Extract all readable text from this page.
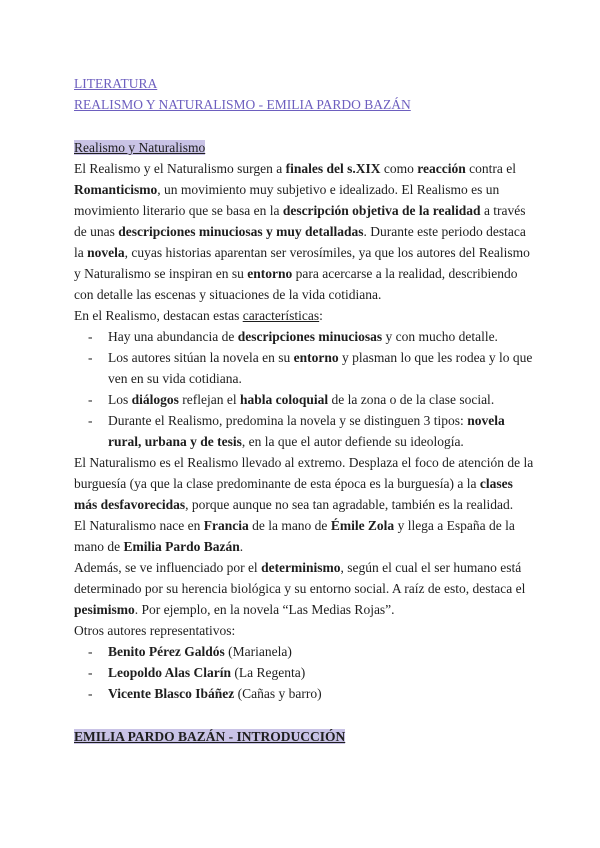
LITERATURA
REALISMO Y NATURALISMO - EMILIA PARDO BAZÁN
Realismo y Naturalismo

El Realismo y el Naturalismo surgen a finales del s.XIX como reacción contra el Romanticismo, un movimiento muy subjetivo e idealizado. El Realismo es un movimiento literario que se basa en la descripción objetiva de la realidad a través de unas descripciones minuciosas y muy detalladas. Durante este periodo destaca la novela, cuyas historias aparentan ser verosímiles, ya que los autores del Realismo y Naturalismo se inspiran en su entorno para acercarse a la realidad, describiendo con detalle las escenas y situaciones de la vida cotidiana.

En el Realismo, destacan estas características:

- Hay una abundancia de descripciones minuciosas y con mucho detalle.
- Los autores sitúan la novela en su entorno y plasman lo que les rodea y lo que ven en su vida cotidiana.
- Los diálogos reflejan el habla coloquial de la zona o de la clase social.
- Durante el Realismo, predomina la novela y se distinguen 3 tipos: novela rural, urbana y de tesis, en la que el autor defiende su ideología.

El Naturalismo es el Realismo llevado al extremo. Desplaza el foco de atención de la burguesía (ya que la clase predominante de esta época es la burguesía) a la clases más desfavorecidas, porque aunque no sea tan agradable, también es la realidad.

El Naturalismo nace en Francia de la mano de Émile Zola y llega a España de la mano de Emilia Pardo Bazán.

Además, se ve influenciado por el determinismo, según el cual el ser humano está determinado por su herencia biológica y su entorno social. A raíz de esto, destaca el pesimismo. Por ejemplo, en la novela “Las Medias Rojas”.

Otros autores representativos:

- Benito Pérez Galdós (Marianela)
- Leopoldo Alas Clarín (La Regenta)
- Vicente Blasco Ibáñez (Cañas y barro)
EMILIA PARDO BAZÁN - INTRODUCCIÓN
